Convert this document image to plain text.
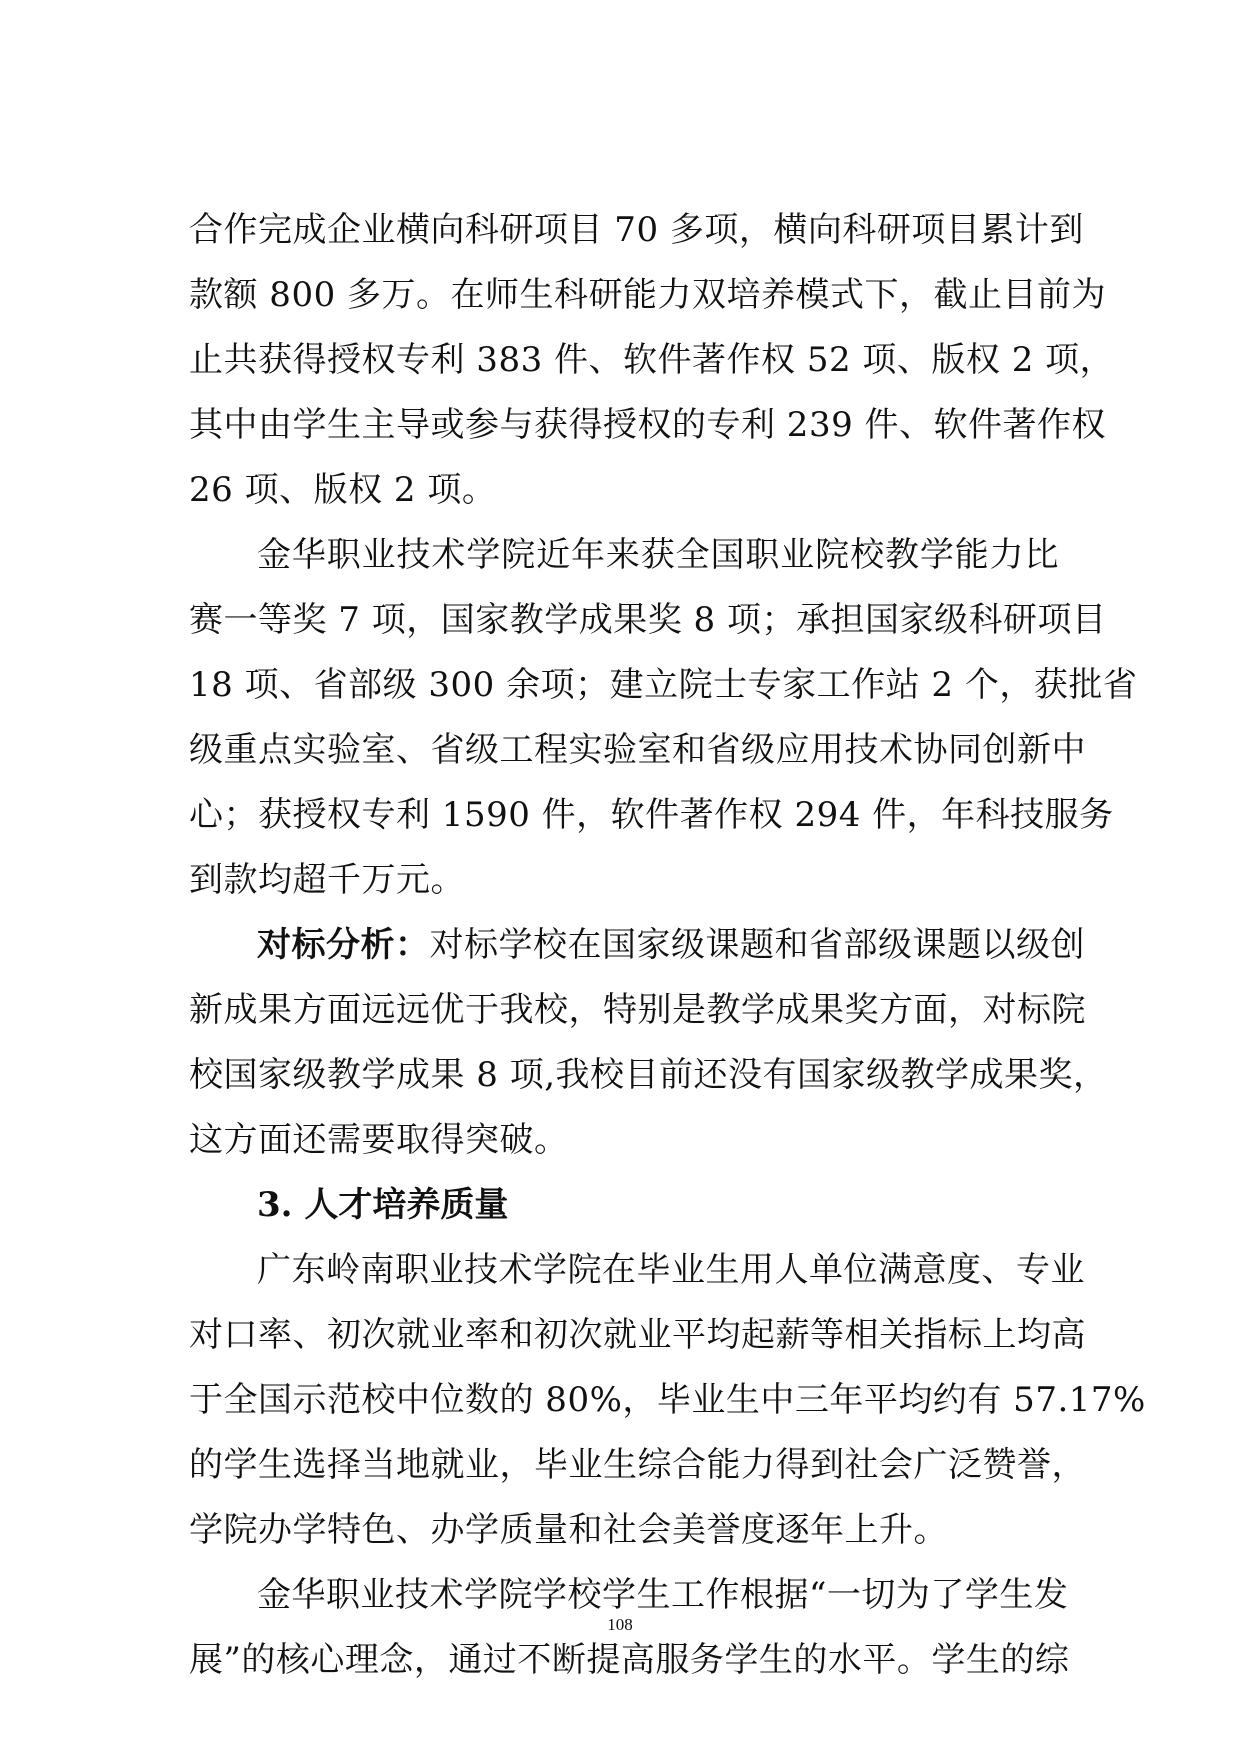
合作完成企业横向科研项目 70 多项，横向科研项目累计到
款额 800 多万。在师生科研能力双培养模式下，截止目前为
止共获得授权专利 383 件、软件著作权 52 项、版权 2 项，
其中由学生主导或参与获得授权的专利 239 件、软件著作权
26 项、版权 2 项。
金华职业技术学院近年来获全国职业院校教学能力比
赛一等奖 7 项，国家教学成果奖 8 项；承担国家级科研项目
18 项、省部级 300 余项；建立院士专家工作站 2 个，获批省
级重点实验室、省级工程实验室和省级应用技术协同创新中
心；获授权专利 1590 件，软件著作权 294 件，年科技服务
到款均超千万元。
对标分析：对标学校在国家级课题和省部级课题以级创
新成果方面远远优于我校，特别是教学成果奖方面，对标院
校国家级教学成果 8 项,我校目前还没有国家级教学成果奖，
这方面还需要取得突破。
3. 人才培养质量
广东岭南职业技术学院在毕业生用人单位满意度、专业
对口率、初次就业率和初次就业平均起薪等相关指标上均高
于全国示范校中位数的 80%，毕业生中三年平均约有 57.17%
的学生选择当地就业，毕业生综合能力得到社会广泛赞誉，
学院办学特色、办学质量和社会美誉度逐年上升。
金华职业技术学院学校学生工作根据“一切为了学生发
展”的核心理念，通过不断提高服务学生的水平。学生的综
108
